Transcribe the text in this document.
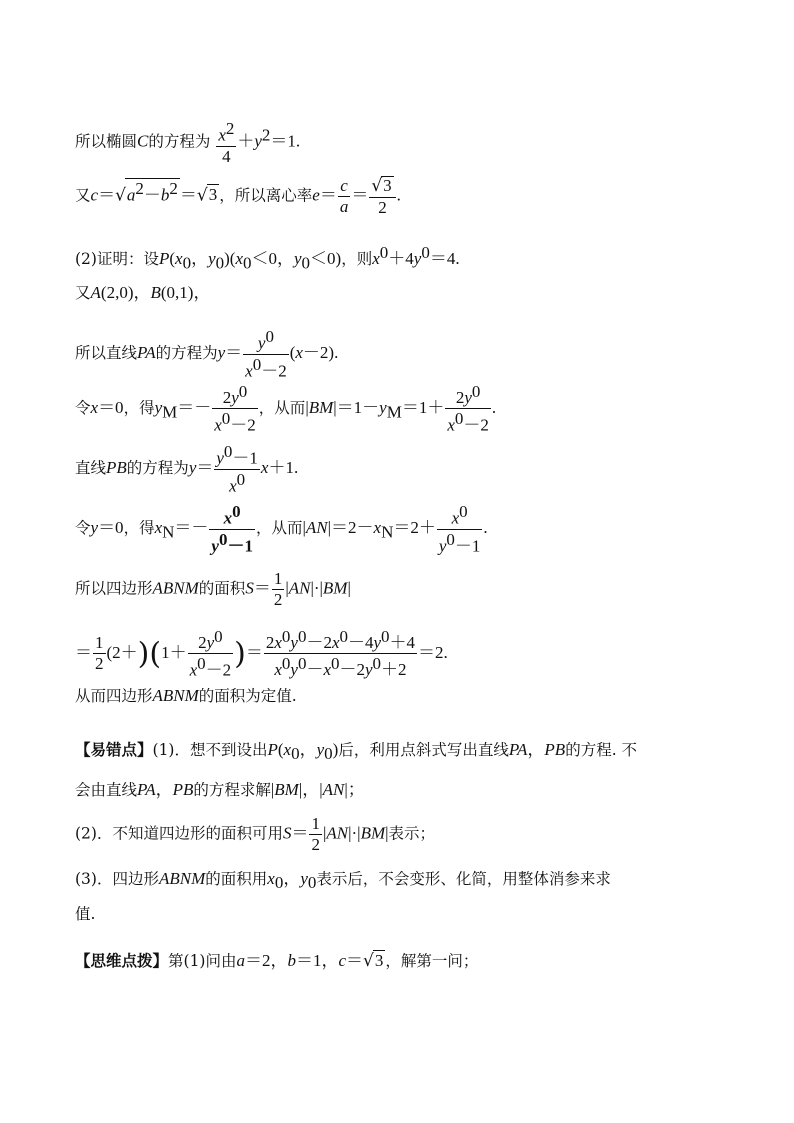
所以椭圆C的方程为 $\frac{x^2}{4} +y^2=1$.
又$c=√a^2-b^2 =√3$ ，所以离心率$e= \frac{c}{a} = \frac{√3}{2}$ .
(2)证明：设$P(x_0$，$y_0)(x_0<0$，$y_0<0$)，则$x^0+4y^0=4$.
又A(2,0)，B(0,1)，
所以直线PA的方程为$y= \frac{y^0}{x^0-2} (x-2)$.
令x＝0，得$y_M=- \frac{2y^0}{x^0-2}$ ，从而$|BM|=1-y_M=1+ \frac{2y^0}{x^0-2}$ .
直线PB的方程为$y= \frac{y^0-1}{x^0} x+1$.
令y＝0，得$x_N=- \frac{x^0}{y^0-1}$ ，从而$|AN|=2-x_N=2+ \frac{x^0}{y^0-1}$ .
所以四边形ABNM的面积$S= \frac{1}{2} |AN|\cdot|BM|$
＝ $\frac{1}{2} (2+)(1+ \frac{2y^0}{x^0-2}$ )＝ $\frac{2x^0y^0-2x^0-4y^0+4}{x^0y^0-x^0-2y^0+2} =2$.
从而四边形ABNM的面积为定值.
【易错点】(1)．想不到设出$P(x_0$，$y_0$)后，利用点斜式写出直线PA，PB的方程. 不
会由直线PA，PB的方程求解|BM|，|AN|；
(2)．不知道四边形的面积可用$S= \frac{1}{2} |AN|\cdot|BM|$表示；
(3)．四边形ABNM的面积用$x_0$，$y_0$表示后，不会变形、化简，用整体消参来求
值.
【思维点拨】第(1)问由a＝2，b＝1，c＝√3 ，解第一问；
